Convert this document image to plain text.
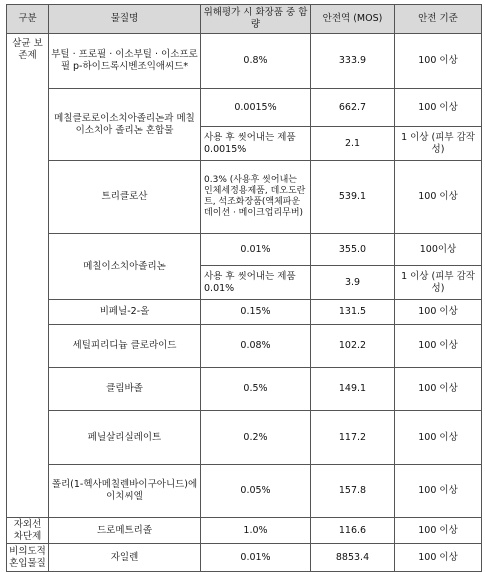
구분	물질명	위해평가 시 화장품 중 함량	안전역 (MOS)	안전 기준
살균 보존제	부틸 · 프로필 · 이소부틸 · 이소프로필 p-하이드록시벤조익애씨드*	0.8%	333.9	100 이상
	메칠클로로이소치아졸리논과 메칠이소치아 졸리논 혼합물	0.0015%	662.7	100 이상
		사용 후 씻어내는 제품 0.0015%	2.1	1 이상 (피부 감작성)
	트리클로산	0.3% (사용후 씻어내는 인체세정용제품, 데오도란트, 석조화장품(액체파운데이션 · 메이크업리무버)	539.1	100 이상
	메칠이소치아졸리논	0.01%	355.0	100이상
		사용 후 씻어내는 제품 0.01%	3.9	1 이상 (피부 감작성)
	비페닐-2-올	0.15%	131.5	100 이상
	세틸피리디늄 클로라이드	0.08%	102.2	100 이상
	클림바졸	0.5%	149.1	100 이상
	페닐살리실레이트	0.2%	117.2	100 이상
	폴리(1-헥사메칠렌바이구아니드)에이치씨엘	0.05%	157.8	100 이상
자외선 차단제	드로메트리졸	1.0%	116.6	100 이상
비의도적 혼입물질	자일렌	0.01%	8853.4	100 이상
